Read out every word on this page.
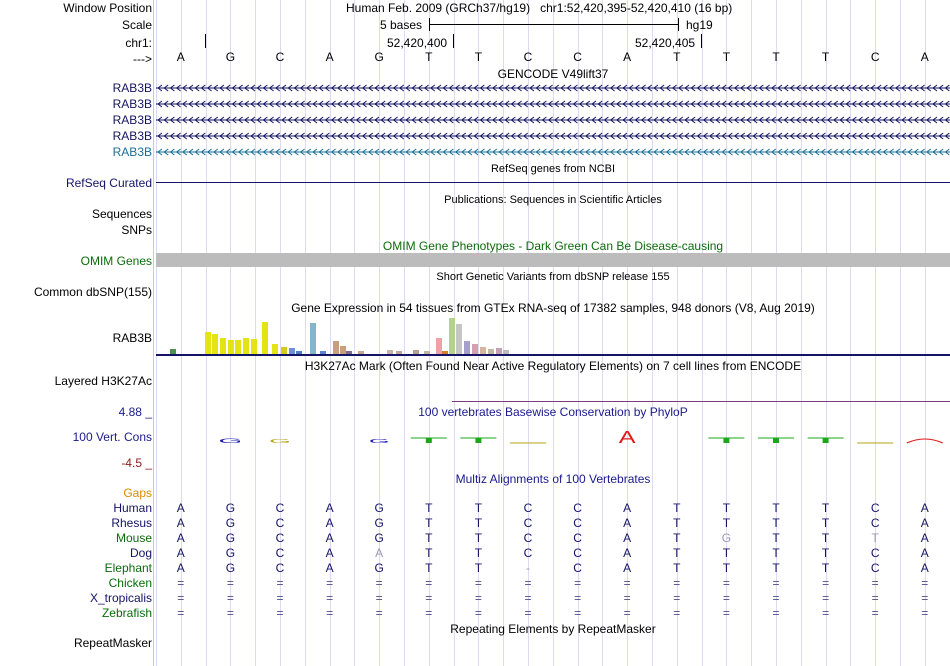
Window Position	Human Feb. 2009 (GRCh37/hg19)   chr1:52,420,395-52,420,410 (16 bp)
Scale	5 bases	hg19
chr1:	52,420,400	52,420,405
--->	A	G	C	A	G	T	T	C	C	A	T	T	T	T	C	A
GENCODE V49lift37
RAB3B
RAB3B
RAB3B
RAB3B
RAB3B
RefSeq genes from NCBI
RefSeq Curated
Publications: Sequences in Scientific Articles
Sequences
SNPs
OMIM Gene Phenotypes - Dark Green Can Be Disease-causing
OMIM Genes
Short Genetic Variants from dbSNP release 155
Common dbSNP(155)
Gene Expression in 54 tissues from GTEx RNA-seq of 17382 samples, 948 donors (V8, Aug 2019)
RAB3B
H3K27Ac Mark (Often Found Near Active Regulatory Elements) on 7 cell lines from ENCODE
Layered H3K27Ac
100 vertebrates Basewise Conservation by PhyloP
4.88 _
100 Vert. Cons
-4.5 _
G G	G	A
Multiz Alignments of 100 Vertebrates
Gaps
Human	A	G	C	A	G	T	T	C	C	A	T	T	T	T	C	A
Rhesus	A	G	C	A	G	T	T	C	C	A	T	T	T	T	C	A
Mouse	A	G	C	A	G	T	T	C	C	A	T	G	T	T	T	A
Dog	A	G	C	A	A	T	T	C	C	A	T	T	T	T	C	A
Elephant	A	G	C	A	G	T	T	-	C	A	T	T	T	T	C	A
Chicken	=	=	=	=	=	=	=	=	=	=	=	=	=	=	=	=
X_tropicalis	=	=	=	=	=	=	=	=	=	=	=	=	=	=	=	=
Zebrafish	=	=	=	=	=	=	=	=	=	=	=	=	=	=	=	=
Repeating Elements by RepeatMasker
RepeatMasker
